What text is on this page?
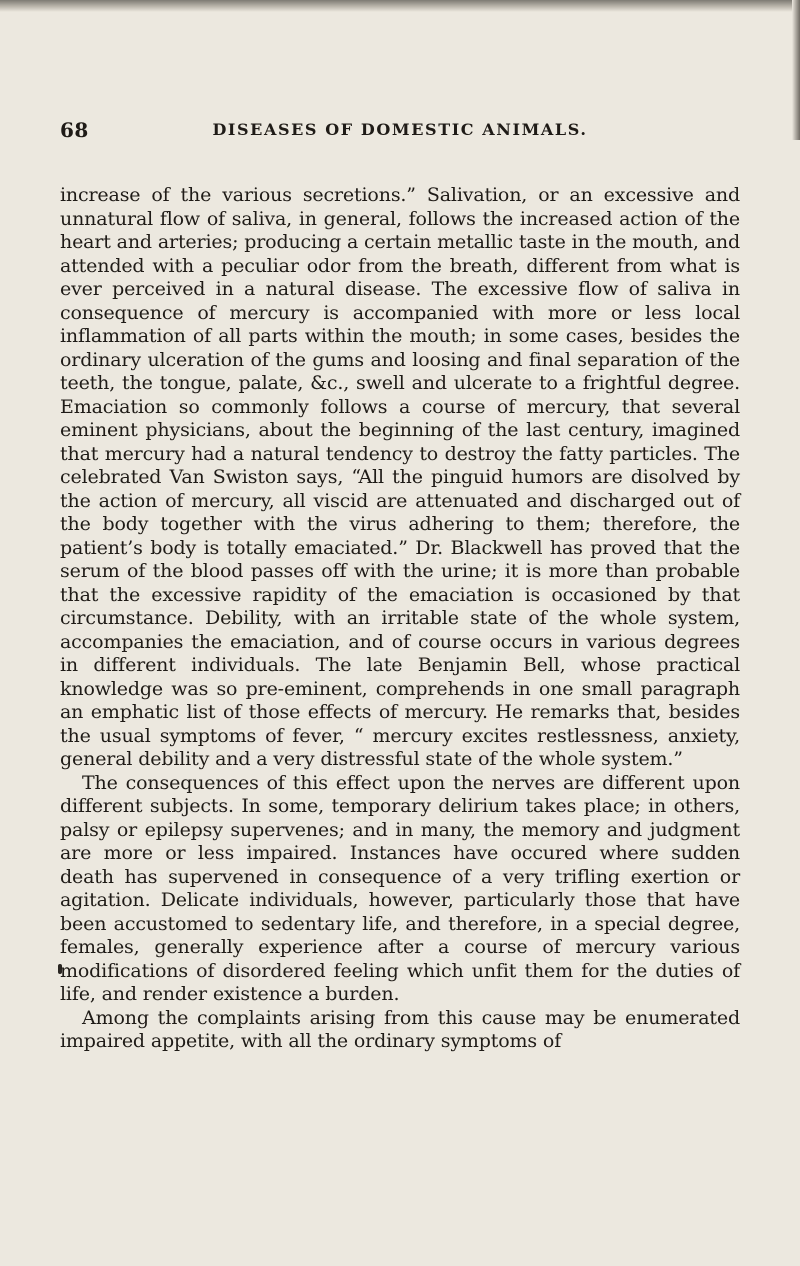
68	DISEASES OF DOMESTIC ANIMALS.

increase of the various secretions.” Salivation, or an excessive and unnatural flow of saliva, in general, follows the increased action of the heart and arteries; producing a certain metallic taste in the mouth, and attended with a peculiar odor from the breath, different from what is ever perceived in a natural disease. The excessive flow of saliva in consequence of mercury is accompanied with more or less local inflammation of all parts within the mouth; in some cases, besides the ordinary ulceration of the gums and loosing and final separation of the teeth, the tongue, palate, &c., swell and ulcerate to a frightful degree. Emaciation so commonly follows a course of mercury, that several eminent physicians, about the beginning of the last century, imagined that mercury had a natural tendency to destroy the fatty particles. The celebrated Van Swiston says, “All the pinguid humors are disolved by the action of mercury, all viscid are attenuated and discharged out of the body together with the virus adhering to them; therefore, the patient’s body is totally emaciated.” Dr. Blackwell has proved that the serum of the blood passes off with the urine; it is more than probable that the excessive rapidity of the emaciation is occasioned by that circumstance. Debility, with an irritable state of the whole system, accompanies the emaciation, and of course occurs in various degrees in different individuals. The late Benjamin Bell, whose practical knowledge was so pre-eminent, comprehends in one small paragraph an emphatic list of those effects of mercury. He remarks that, besides the usual symptoms of fever, “ mercury excites restlessness, anxiety, general debility and a very distressful state of the whole system.”

The consequences of this effect upon the nerves are different upon different subjects. In some, temporary delirium takes place; in others, palsy or epilepsy supervenes; and in many, the memory and judgment are more or less impaired. Instances have occured where sudden death has supervened in consequence of a very trifling exertion or agitation. Delicate individuals, however, particularly those that have been accustomed to sedentary life, and therefore, in a special degree, females, generally experience after a course of mercury various modifications of disordered feeling which unfit them for the duties of life, and render existence a burden.

Among the complaints arising from this cause may be enumerated impaired appetite, with all the ordinary symptoms of
